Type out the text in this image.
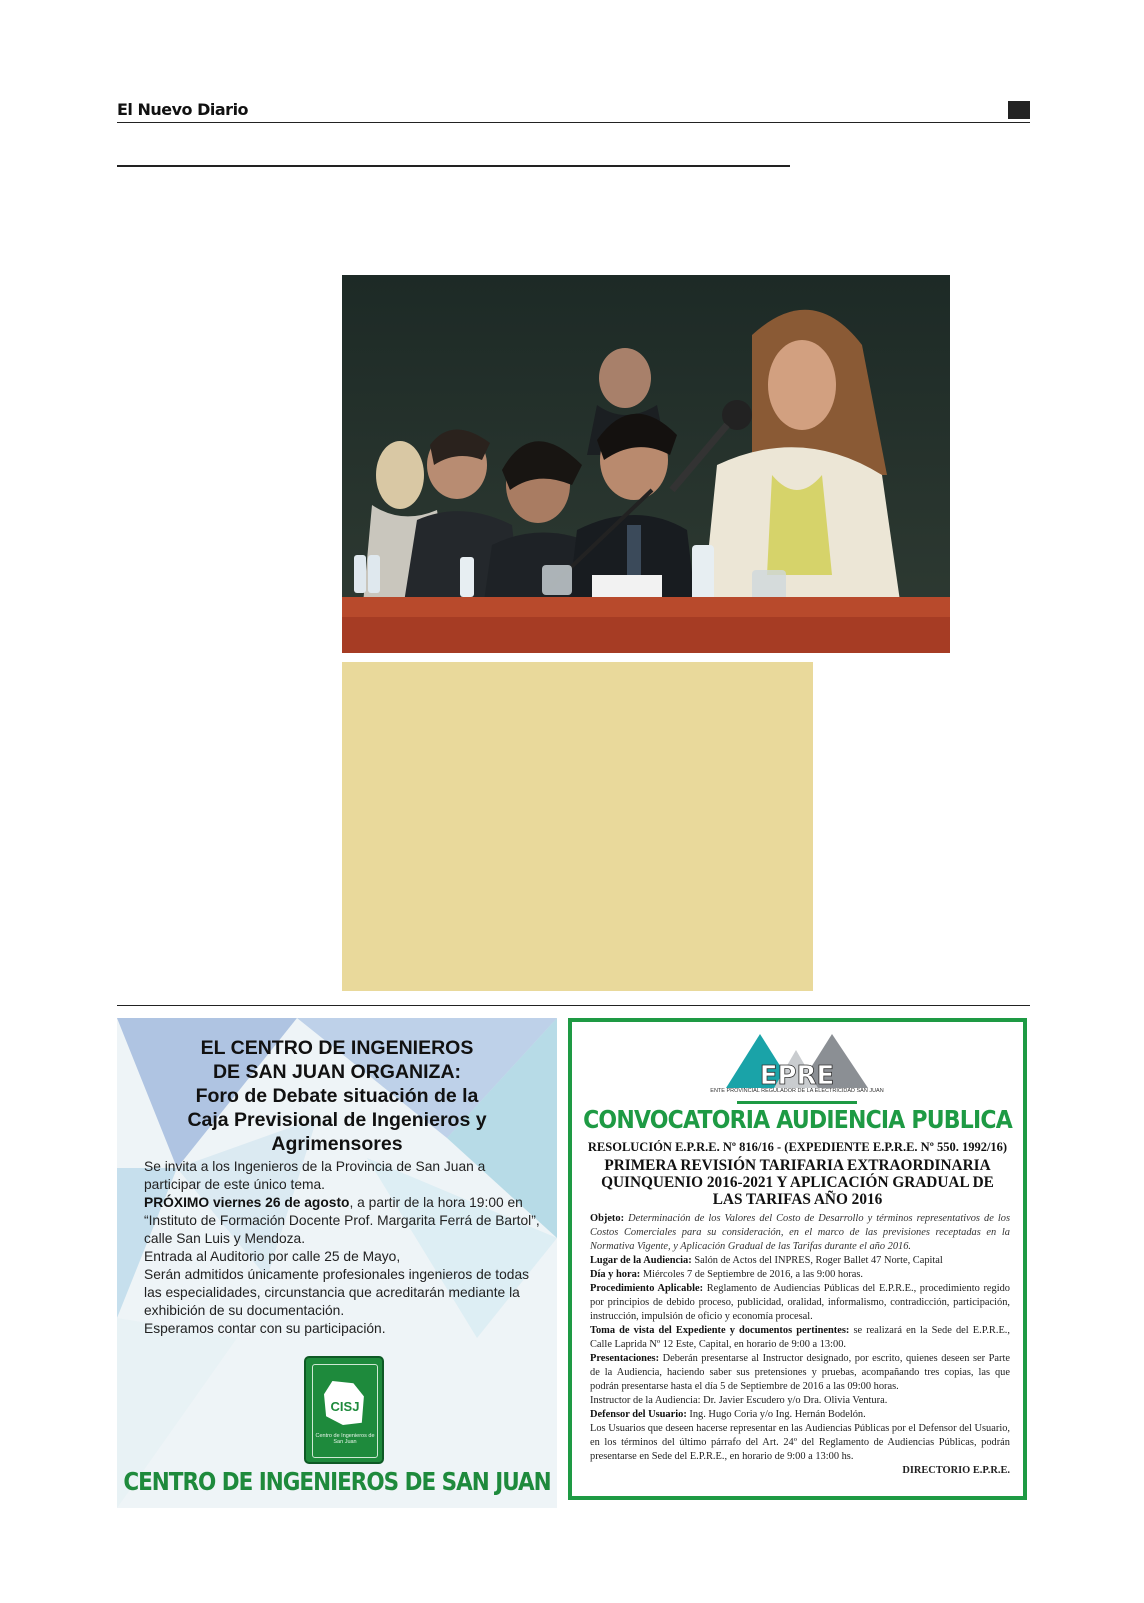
El Nuevo Diario
EL CENTRO DE INGENIEROS
DE SAN JUAN ORGANIZA:
Foro de Debate situación de la
Caja Previsional de Ingenieros y
Agrimensores

Se invita a los Ingenieros de la Provincia de San Juan a participar de este único tema.

PRÓXIMO viernes 26 de agosto, a partir de la hora 19:00 en “Instituto de Formación Docente Prof. Margarita Ferrá de Bartol”, calle San Luis y Mendoza.

Entrada al Auditorio por calle 25 de Mayo,

Serán admitidos únicamente profesionales ingenieros de todas las especialidades, circunstancia que acreditarán mediante la exhibición de su documentación.

Esperamos contar con su participación.

CISJ
Centro de Ingenieros de San Juan
CENTRO DE INGENIEROS DE SAN JUAN
EPRE
ENTE PROVINCIAL REGULADOR DE LA ELECTRICIDAD SAN JUAN
CONVOCATORIA AUDIENCIA PUBLICA
RESOLUCIÓN E.P.R.E. Nº 816/16 - (EXPEDIENTE E.P.R.E. Nº 550. 1992/16)
PRIMERA REVISIÓN TARIFARIA EXTRAORDINARIA QUINQUENIO 2016-2021 Y APLICACIÓN GRADUAL DE LAS TARIFAS AÑO 2016

Objeto: Determinación de los Valores del Costo de Desarrollo y términos representativos de los Costos Comerciales para su consideración, en el marco de las previsiones receptadas en la Normativa Vigente, y Aplicación Gradual de las Tarifas durante el año 2016.

Lugar de la Audiencia: Salón de Actos del INPRES, Roger Ballet 47 Norte, Capital

Día y hora: Miércoles 7 de Septiembre de 2016, a las 9:00 horas.

Procedimiento Aplicable: Reglamento de Audiencias Públicas del E.P.R.E., procedimiento regido por principios de debido proceso, publicidad, oralidad, informalismo, contradicción, participación, instrucción, impulsión de oficio y economía procesal.

Toma de vista del Expediente y documentos pertinentes: se realizará en la Sede del E.P.R.E., Calle Laprida Nº 12 Este, Capital, en horario de 9:00 a 13:00.

Presentaciones: Deberán presentarse al Instructor designado, por escrito, quienes deseen ser Parte de la Audiencia, haciendo saber sus pretensiones y pruebas, acompañando tres copias, las que podrán presentarse hasta el día 5 de Septiembre de 2016 a las 09:00 horas.

Instructor de la Audiencia: Dr. Javier Escudero y/o Dra. Olivia Ventura.

Defensor del Usuario: Ing. Hugo Coria y/o Ing. Hernán Bodelón.

Los Usuarios que deseen hacerse representar en las Audiencias Públicas por el Defensor del Usuario, en los términos del último párrafo del Art. 24º del Reglamento de Audiencias Públicas, podrán presentarse en Sede del E.P.R.E., en horario de 9:00 a 13:00 hs.

DIRECTORIO E.P.R.E.
